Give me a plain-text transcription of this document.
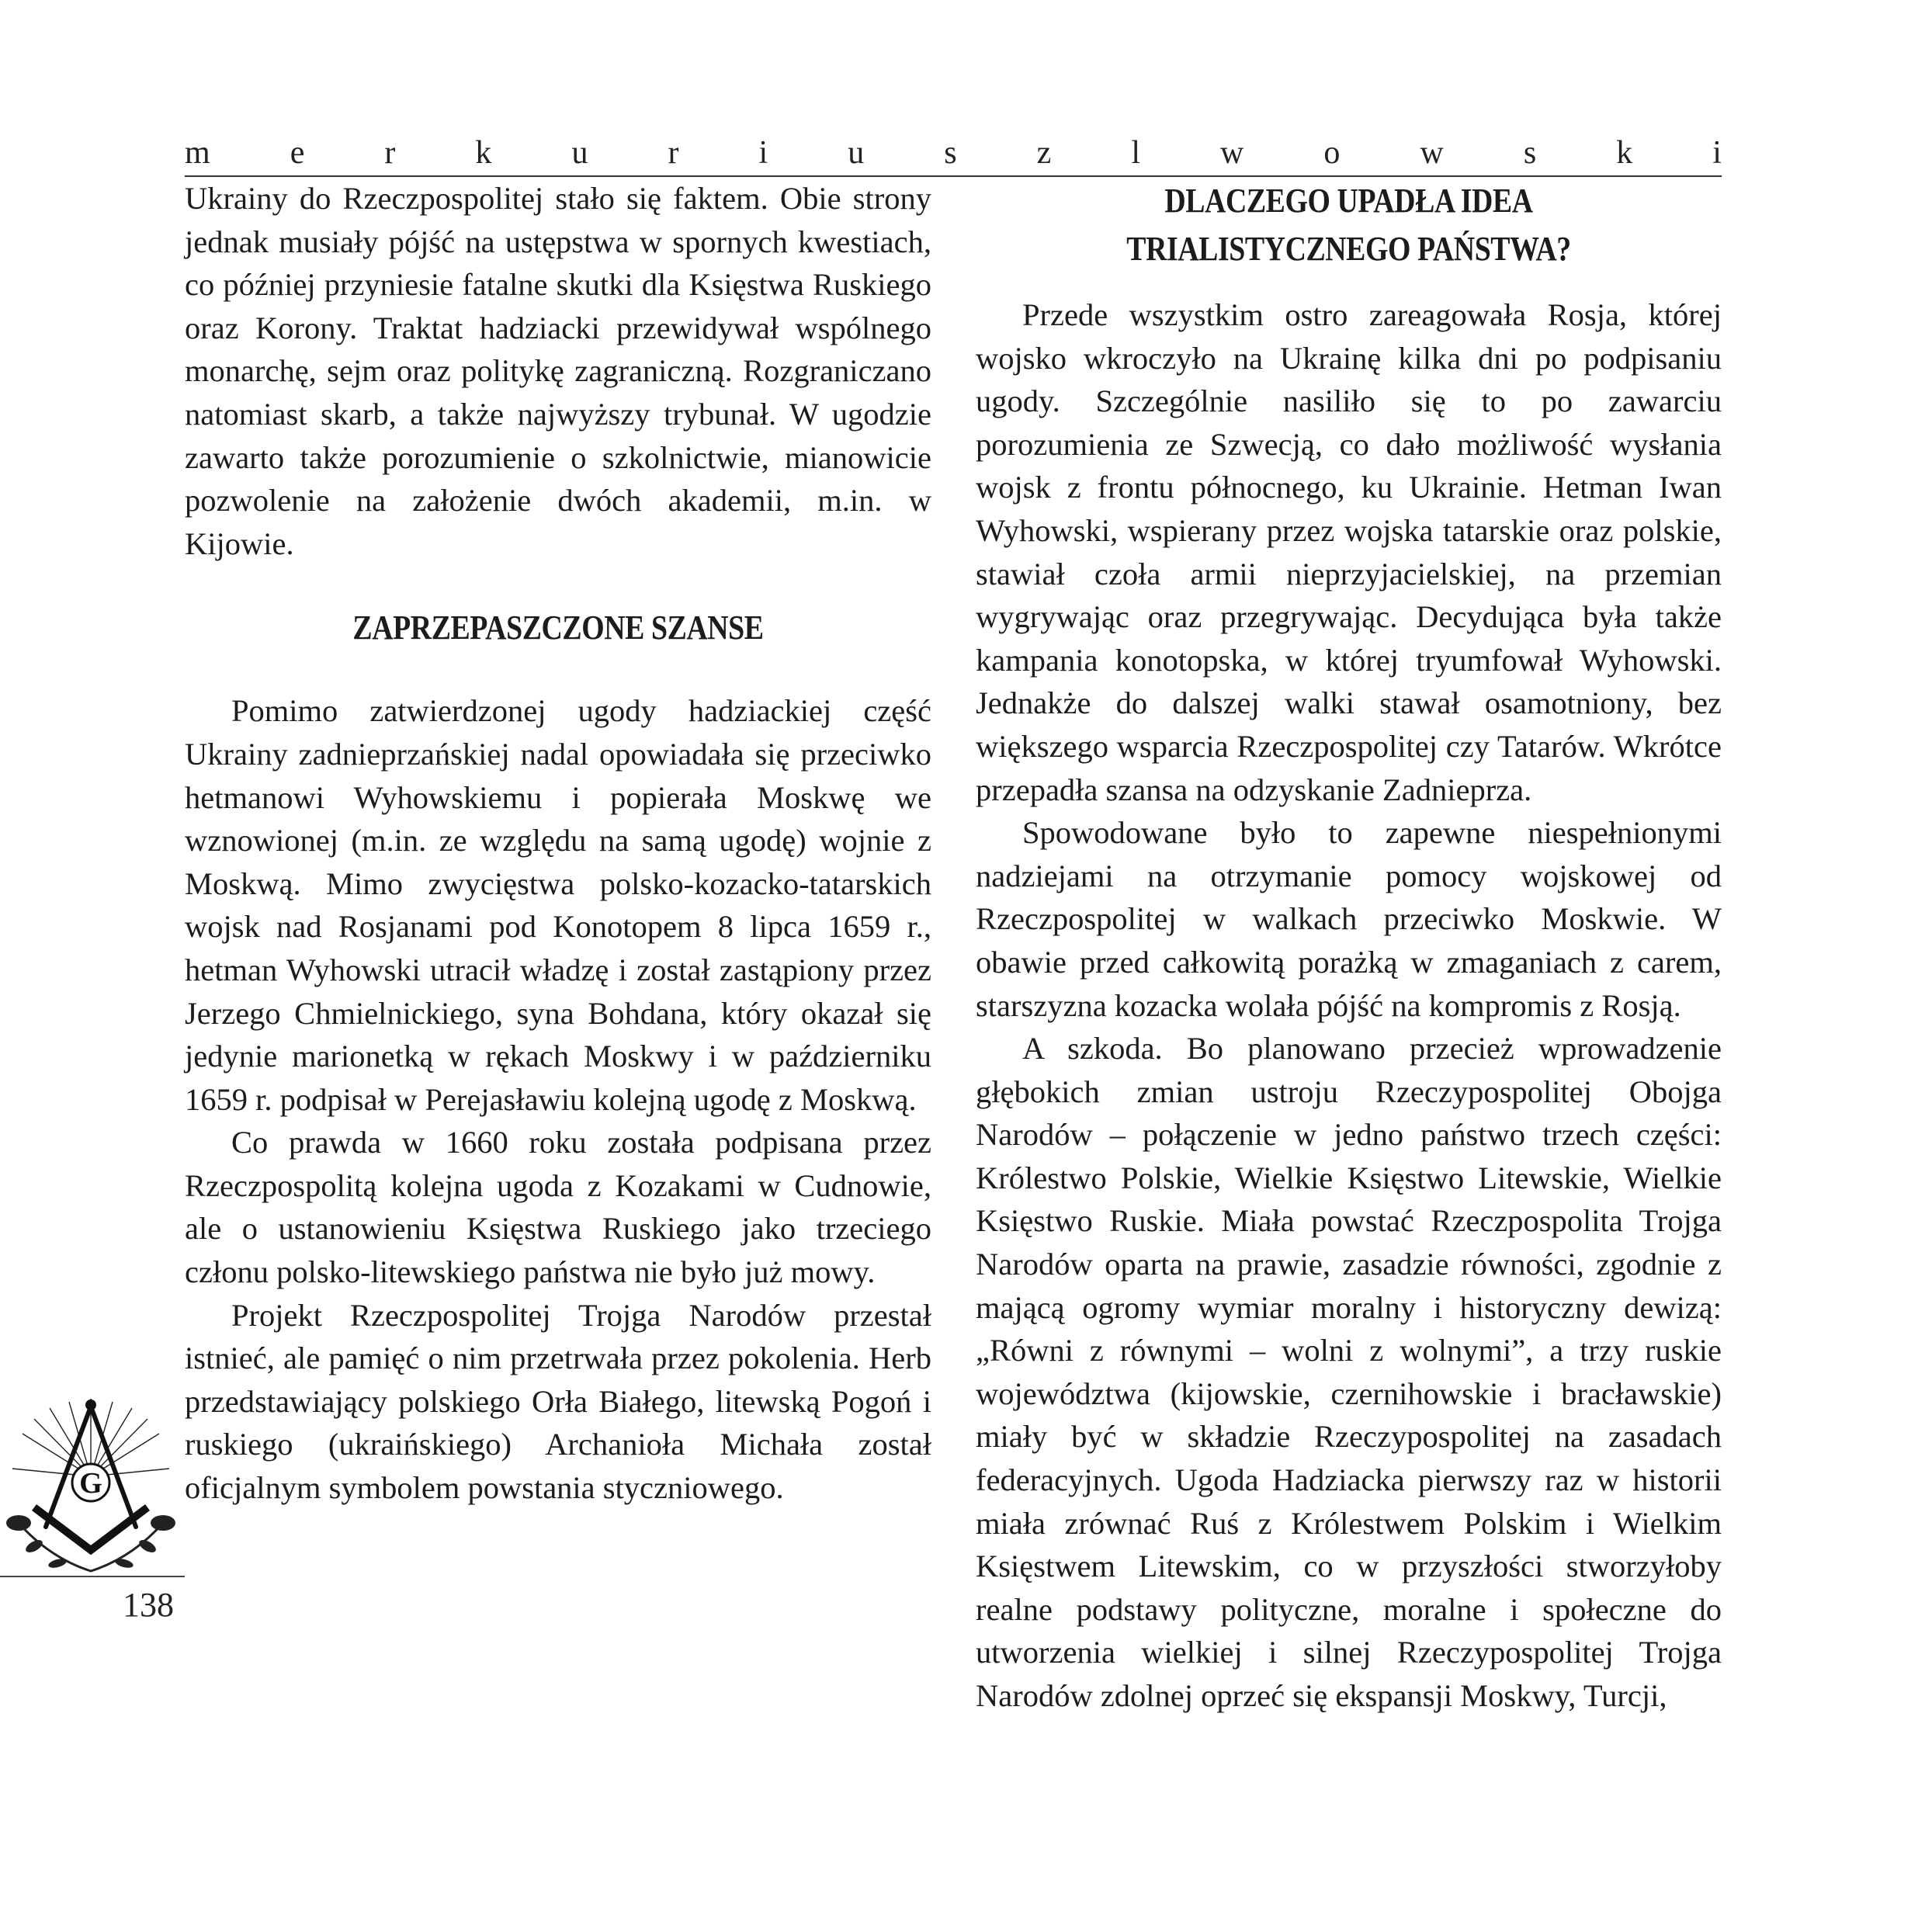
m e r k u r i u s z l w o w s k i

Ukrainy do Rzeczpospolitej stało się faktem. Obie strony jednak musiały pójść na ustępstwa w spornych kwestiach, co później przyniesie fatalne skutki dla Księstwa Ruskiego oraz Korony. Traktat hadziacki przewidywał wspólnego monarchę, sejm oraz politykę zagraniczną. Rozgraniczano natomiast skarb, a także najwyższy trybunał. W ugodzie zawarto także porozumienie o szkolnictwie, mianowicie pozwolenie na założenie dwóch akademii, m.in. w Kijowie.

ZAPRZEPASZCZONE SZANSE

Pomimo zatwierdzonej ugody hadziackiej część Ukrainy zadnieprzańskiej nadal opowiadała się przeciwko hetmanowi Wyhowskiemu i popierała Moskwę we wznowionej (m.in. ze względu na samą ugodę) wojnie z Moskwą. Mimo zwycięstwa polsko-kozacko-tatarskich wojsk nad Rosjanami pod Konotopem 8 lipca 1659 r., hetman Wyhowski utracił władzę i został zastąpiony przez Jerzego Chmielnickiego, syna Bohdana, który okazał się jedynie marionetką w rękach Moskwy i w październiku 1659 r. podpisał w Perejasławiu kolejną ugodę z Moskwą.

Co prawda w 1660 roku została podpisana przez Rzeczpospolitą kolejna ugoda z Kozakami w Cudnowie, ale o ustanowieniu Księstwa Ruskiego jako trzeciego członu polsko-litewskiego państwa nie było już mowy.

Projekt Rzeczpospolitej Trojga Narodów przestał istnieć, ale pamięć o nim przetrwała przez pokolenia. Herb przedstawiający polskiego Orła Białego, litewską Pogoń i ruskiego (ukraińskiego) Archanioła Michała został oficjalnym symbolem powstania styczniowego.

DLACZEGO UPADŁA IDEA TRIALISTYCZNEGO PAŃSTWA?

Przede wszystkim ostro zareagowała Rosja, której wojsko wkroczyło na Ukrainę kilka dni po podpisaniu ugody. Szczególnie nasiliło się to po zawarciu porozumienia ze Szwecją, co dało możliwość wysłania wojsk z frontu północnego, ku Ukrainie. Hetman Iwan Wyhowski, wspierany przez wojska tatarskie oraz polskie, stawiał czoła armii nieprzyjacielskiej, na przemian wygrywając oraz przegrywając. Decydująca była także kampania konotopska, w której tryumfował Wyhowski. Jednakże do dalszej walki stawał osamotniony, bez większego wsparcia Rzeczpospolitej czy Tatarów. Wkrótce przepadła szansa na odzyskanie Zadnieprza.

Spowodowane było to zapewne niespełnionymi nadziejami na otrzymanie pomocy wojskowej od Rzeczpospolitej w walkach przeciwko Moskwie. W obawie przed całkowitą porażką w zmaganiach z carem, starszyzna kozacka wolała pójść na kompromis z Rosją.

A szkoda. Bo planowano przecież wprowadzenie głębokich zmian ustroju Rzeczypospolitej Obojga Narodów – połączenie w jedno państwo trzech części: Królestwo Polskie, Wielkie Księstwo Litewskie, Wielkie Księstwo Ruskie. Miała powstać Rzeczpospolita Trojga Narodów oparta na prawie, zasadzie równości, zgodnie z mającą ogromy wymiar moralny i historyczny dewizą: „Równi z równymi – wolni z wolnymi”, a trzy ruskie województwa (kijowskie, czernihowskie i bracławskie) miały być w składzie Rzeczypospolitej na zasadach federacyjnych. Ugoda Hadziacka pierwszy raz w historii miała zrównać Ruś z Królestwem Polskim i Wielkim Księstwem Litewskim, co w przyszłości stworzyłoby realne podstawy polityczne, moralne i społeczne do utworzenia wielkiej i silnej Rzeczypospolitej Trojga Narodów zdolnej oprzeć się ekspansji Moskwy, Turcji,

G
138
